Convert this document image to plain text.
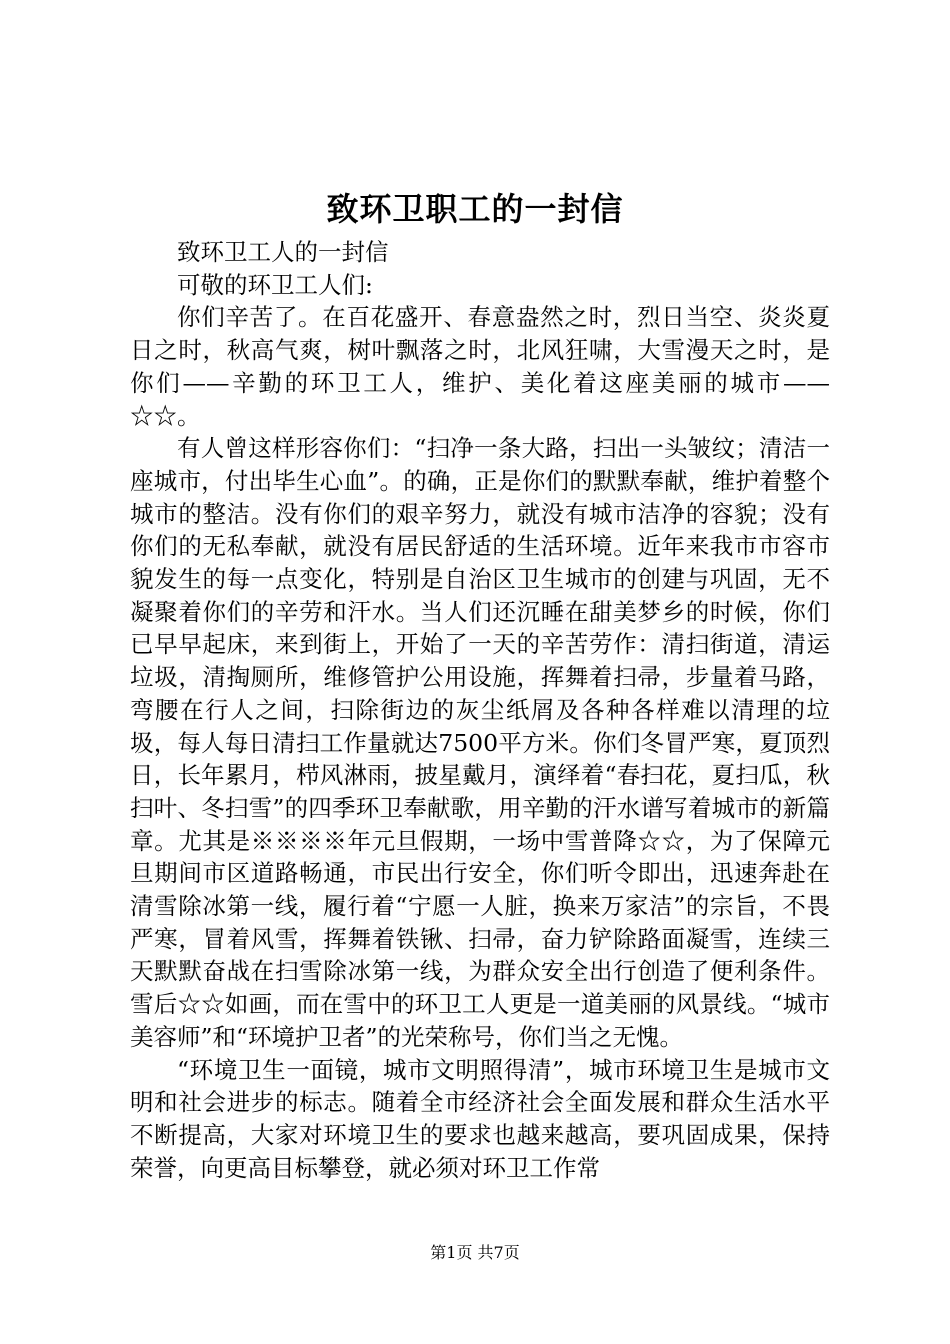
致环卫职工的一封信

致环卫工人的一封信

可敬的环卫工人们:

你们辛苦了。在百花盛开、春意盎然之时，烈日当空、炎炎夏日之时，秋高气爽，树叶飘落之时，北风狂啸，大雪漫天之时，是你们——辛勤的环卫工人，维护、美化着这座美丽的城市——☆☆。

有人曾这样形容你们：“扫净一条大路，扫出一头皱纹；清洁一座城市，付出毕生心血”。的确，正是你们的默默奉献，维护着整个城市的整洁。没有你们的艰辛努力，就没有城市洁净的容貌；没有你们的无私奉献，就没有居民舒适的生活环境。近年来我市市容市貌发生的每一点变化，特别是自治区卫生城市的创建与巩固，无不凝聚着你们的辛劳和汗水。当人们还沉睡在甜美梦乡的时候，你们已早早起床，来到街上，开始了一天的辛苦劳作：清扫街道，清运垃圾，清掏厕所，维修管护公用设施，挥舞着扫帚，步量着马路，弯腰在行人之间，扫除街边的灰尘纸屑及各种各样难以清理的垃圾，每人每日清扫工作量就达7500平方米。你们冬冒严寒，夏顶烈日，长年累月，栉风淋雨，披星戴月，演绎着“春扫花，夏扫瓜，秋扫叶、冬扫雪”的四季环卫奉献歌，用辛勤的汗水谱写着城市的新篇章。尤其是※※※※年元旦假期，一场中雪普降☆☆，为了保障元旦期间市区道路畅通，市民出行安全，你们听令即出，迅速奔赴在清雪除冰第一线，履行着“宁愿一人脏，换来万家洁”的宗旨，不畏严寒，冒着风雪，挥舞着铁锹、扫帚，奋力铲除路面凝雪，连续三天默默奋战在扫雪除冰第一线，为群众安全出行创造了便利条件。雪后☆☆如画，而在雪中的环卫工人更是一道美丽的风景线。“城市美容师”和“环境护卫者”的光荣称号，你们当之无愧。

“环境卫生一面镜，城市文明照得清”，城市环境卫生是城市文明和社会进步的标志。随着全市经济社会全面发展和群众生活水平不断提高，大家对环境卫生的要求也越来越高，要巩固成果，保持荣誉，向更高目标攀登，就必须对环卫工作常

第1页 共7页
